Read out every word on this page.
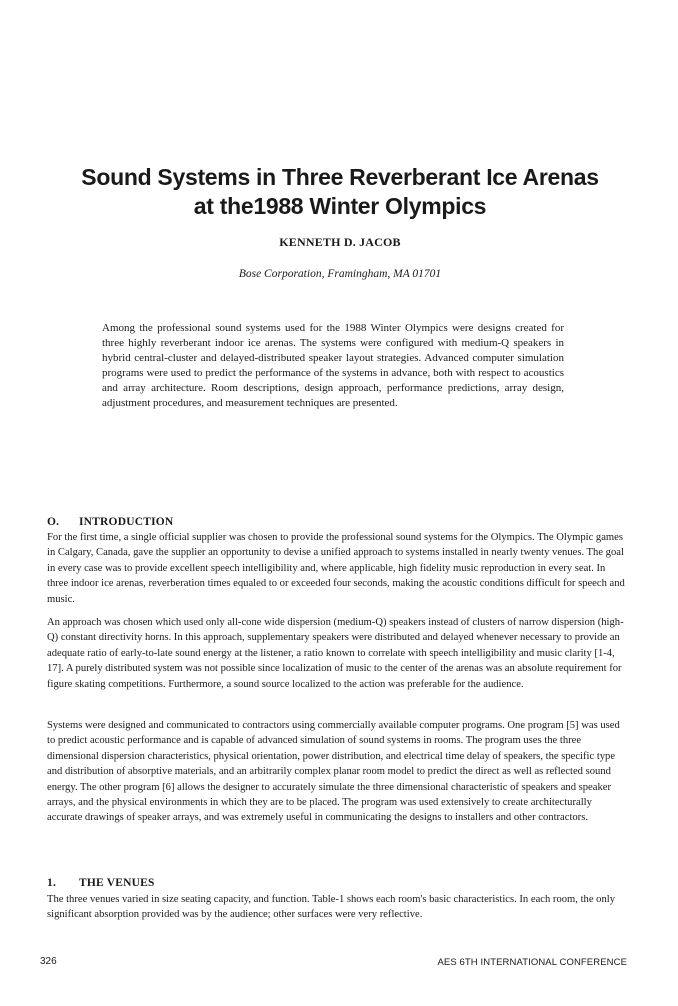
Sound Systems in Three Reverberant Ice Arenas
at the1988 Winter Olympics
KENNETH D. JACOB
Bose Corporation, Framingham, MA 01701
Among the professional sound systems used for the 1988 Winter Olympics were designs created for three highly reverberant indoor ice arenas. The systems were configured with medium-Q speakers in hybrid central-cluster and delayed-distributed speaker layout strategies. Advanced computer simulation programs were used to predict the performance of the systems in advance, both with respect to acoustics and array architecture. Room descriptions, design approach, performance predictions, array design, adjustment procedures, and measurement techniques are presented.
O. INTRODUCTION
For the first time, a single official supplier was chosen to provide the professional sound systems for the Olympics. The Olympic games in Calgary, Canada, gave the supplier an opportunity to devise a unified approach to systems installed in nearly twenty venues. The goal in every case was to provide excellent speech intelligibility and, where applicable, high fidelity music reproduction in every seat. In three indoor ice arenas, reverberation times equaled to or exceeded four seconds, making the acoustic conditions difficult for speech and music.
An approach was chosen which used only all-cone wide dispersion (medium-Q) speakers instead of clusters of narrow dispersion (high-Q) constant directivity horns. In this approach, supplementary speakers were distributed and delayed whenever necessary to provide an adequate ratio of early-to-late sound energy at the listener, a ratio known to correlate with speech intelligibility and music clarity [1-4, 17]. A purely distributed system was not possible since localization of music to the center of the arenas was an absolute requirement for figure skating competitions. Furthermore, a sound source localized to the action was preferable for the audience.
Systems were designed and communicated to contractors using commercially available computer programs. One program [5] was used to predict acoustic performance and is capable of advanced simulation of sound systems in rooms. The program uses the three dimensional dispersion characteristics, physical orientation, power distribution, and electrical time delay of speakers, the specific type and distribution of absorptive materials, and an arbitrarily complex planar room model to predict the direct as well as reflected sound energy. The other program [6] allows the designer to accurately simulate the three dimensional characteristic of speakers and speaker arrays, and the physical environments in which they are to be placed. The program was used extensively to create architecturally accurate drawings of speaker arrays, and was extremely useful in communicating the designs to installers and other contractors.
1. THE VENUES
The three venues varied in size seating capacity, and function. Table-1 shows each room's basic characteristics. In each room, the only significant absorption provided was by the audience; other surfaces were very reflective.
326	AES 6TH INTERNATIONAL CONFERENCE
